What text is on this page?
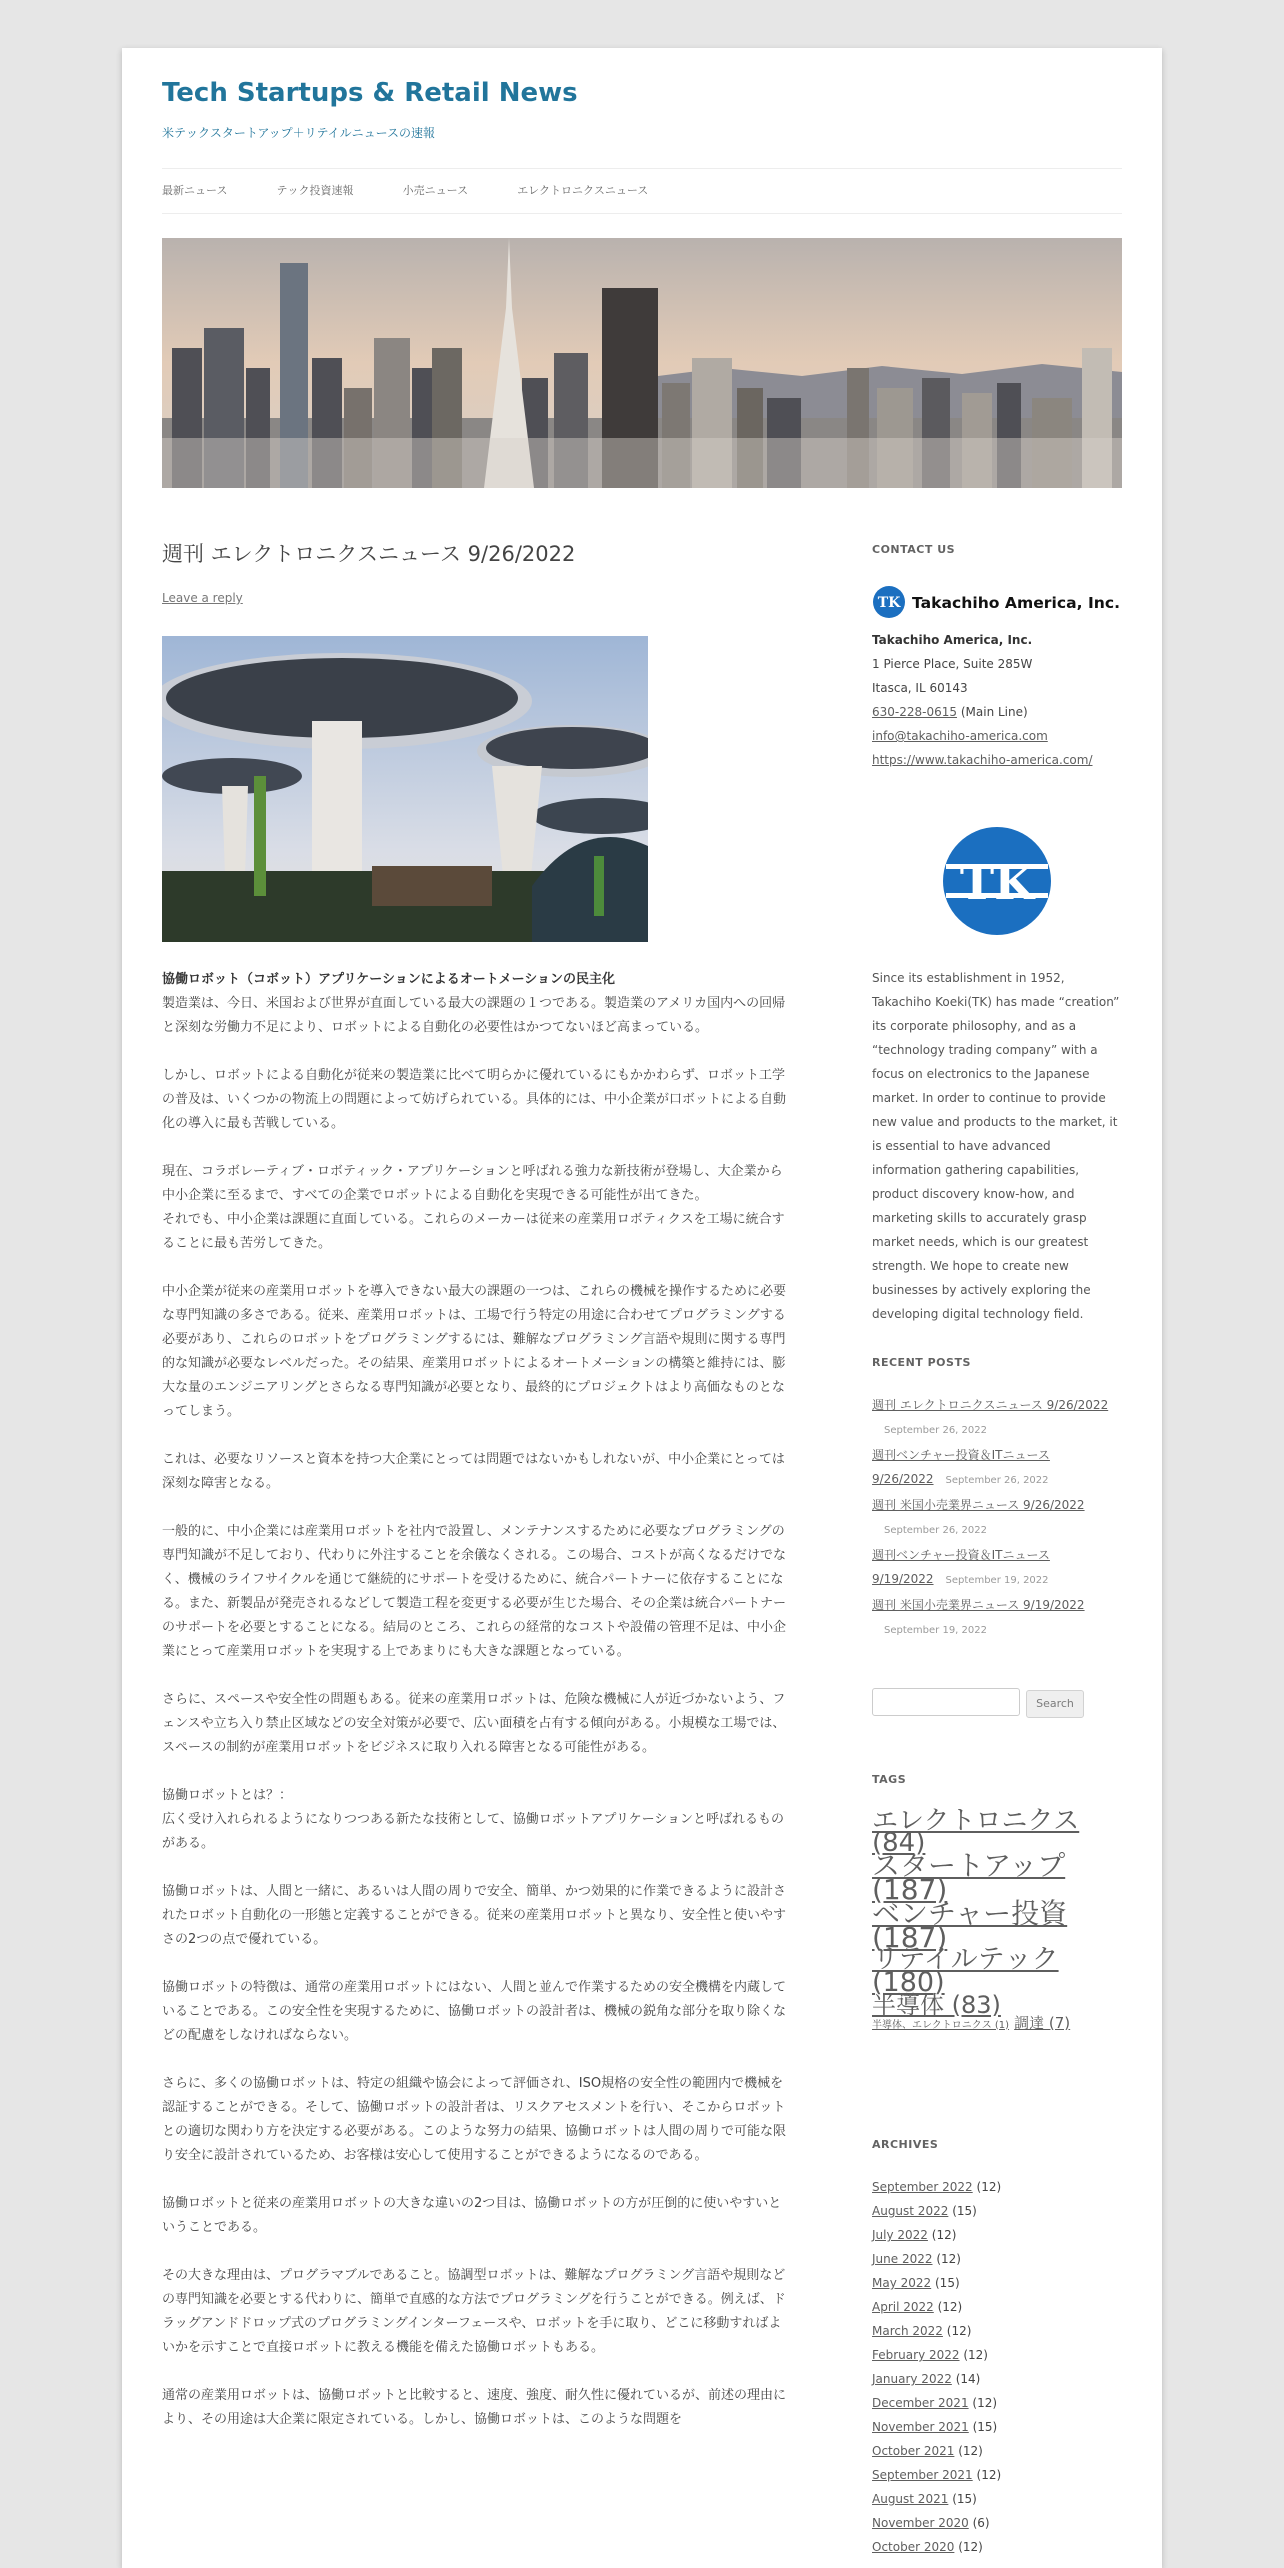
Tech Startups & Retail News
米テックスタートアップ＋リテイルニュースの速報
最新ニュース	テック投資速報	小売ニュース	エレクトロニクスニュース
週刊 エレクトロニクスニュース 9/26/2022
Leave a reply

協働ロボット（コボット）アプリケーションによるオートメーションの民主化

製造業は、今日、米国および世界が直面している最大の課題の１つである。製造業のアメリカ国内への回帰と深刻な労働力不足により、ロボットによる自動化の必要性はかつてないほど高まっている。

しかし、ロボットによる自動化が従来の製造業に比べて明らかに優れているにもかかわらず、ロボット工学の普及は、いくつかの物流上の問題によって妨げられている。具体的には、中小企業が口ボットによる自動化の導入に最も苦戦している。

現在、コラボレーティブ・ロボティック・アプリケーションと呼ばれる強力な新技術が登場し、大企業から中小企業に至るまで、すべての企業でロボットによる自動化を実現できる可能性が出てきた。
それでも、中小企業は課題に直面している。これらのメーカーは従来の産業用ロボティクスを工場に統合することに最も苦労してきた。

中小企業が従来の産業用ロボットを導入できない最大の課題の一つは、これらの機械を操作するために必要な専門知識の多さである。従来、産業用ロボットは、工場で行う特定の用途に合わせてプログラミングする必要があり、これらのロボットをプログラミングするには、難解なプログラミング言語や規則に関する専門的な知識が必要なレベルだった。その結果、産業用ロボットによるオートメーションの構築と維持には、膨大な量のエンジニアリングとさらなる専門知識が必要となり、最終的にプロジェクトはより高価なものとなってしまう。

これは、必要なリソースと資本を持つ大企業にとっては問題ではないかもしれないが、中小企業にとっては深刻な障害となる。

一般的に、中小企業には産業用ロボットを社内で設置し、メンテナンスするために必要なプログラミングの専門知識が不足しており、代わりに外注することを余儀なくされる。この場合、コストが高くなるだけでなく、機械のライフサイクルを通じて継続的にサポートを受けるために、統合パートナーに依存することになる。また、新製品が発売されるなどして製造工程を変更する必要が生じた場合、その企業は統合パートナーのサポートを必要とすることになる。結局のところ、これらの経常的なコストや設備の管理不足は、中小企業にとって産業用ロボットを実現する上であまりにも大きな課題となっている。

さらに、スペースや安全性の問題もある。従来の産業用ロボットは、危険な機械に人が近づかないよう、フェンスや立ち入り禁止区域などの安全対策が必要で、広い面積を占有する傾向がある。小規模な工場では、スペースの制約が産業用ロボットをビジネスに取り入れる障害となる可能性がある。

協働ロボットとは？：
広く受け入れられるようになりつつある新たな技術として、協働ロボットアプリケーションと呼ばれるものがある。

協働ロボットは、人間と一緒に、あるいは人間の周りで安全、簡単、かつ効果的に作業できるように設計されたロボット自動化の一形態と定義することができる。従来の産業用ロボットと異なり、安全性と使いやすさの2つの点で優れている。

協働ロボットの特徴は、通常の産業用ロボットにはない、人間と並んで作業するための安全機構を内蔵していることである。この安全性を実現するために、協働ロボットの設計者は、機械の鋭角な部分を取り除くなどの配慮をしなければならない。

さらに、多くの協働ロボットは、特定の組織や協会によって評価され、ISO規格の安全性の範囲内で機械を認証することができる。そして、協働ロボットの設計者は、リスクアセスメントを行い、そこからロボットとの適切な関わり方を決定する必要がある。このような努力の結果、協働ロボットは人間の周りで可能な限り安全に設計されているため、お客様は安心して使用することができるようになるのである。

協働ロボットと従来の産業用ロボットの大きな違いの2つ目は、協働ロボットの方が圧倒的に使いやすいということである。

その大きな理由は、プログラマブルであること。協調型ロボットは、難解なプログラミング言語や規則などの専門知識を必要とする代わりに、簡単で直感的な方法でプログラミングを行うことができる。例えば、ドラッグアンドドロップ式のプログラミングインターフェースや、ロボットを手に取り、どこに移動すればよいかを示すことで直接ロボットに教える機能を備えた協働ロボットもある。

通常の産業用ロボットは、協働ロボットと比較すると、速度、強度、耐久性に優れているが、前述の理由により、その用途は大企業に限定されている。しかし、協働ロボットは、このような問題を

CONTACT US
TK Takachiho America, Inc.
Takachiho America, Inc.
1 Pierce Place, Suite 285W
Itasca, IL 60143
630-228-0615 (Main Line)
info@takachiho-america.com
https://www.takachiho-america.com/
TK
Since its establishment in 1952, Takachiho Koeki(TK) has made “creation” its corporate philosophy, and as a “technology trading company” with a focus on electronics to the Japanese market. In order to continue to provide new value and products to the market, it is essential to have advanced information gathering capabilities, product discovery know-how, and marketing skills to accurately grasp market needs, which is our greatest strength. We hope to create new businesses by actively exploring the developing digital technology field.
RECENT POSTS
週刊 エレクトロニクスニュース 9/26/2022
September 26, 2022
週刊ベンチャー投資＆ITニュース 9/26/2022 September 26, 2022
週刊 米国小売業界ニュース 9/26/2022
September 26, 2022
週刊ベンチャー投資＆ITニュース 9/19/2022 September 19, 2022
週刊 米国小売業界ニュース 9/19/2022
September 19, 2022
Search
TAGS
エレクトロニクス (84)
スタートアップ (187)
ベンチャー投資 (187)
リテイルテック (180)
半導体 (83)
半導体、エレクトロニクス (1) 調達 (7)
ARCHIVES
September 2022 (12)
August 2022 (15)
July 2022 (12)
June 2022 (12)
May 2022 (15)
April 2022 (12)
March 2022 (12)
February 2022 (12)
January 2022 (14)
December 2021 (12)
November 2021 (15)
October 2021 (12)
September 2021 (12)
August 2021 (15)
November 2020 (6)
October 2020 (12)
